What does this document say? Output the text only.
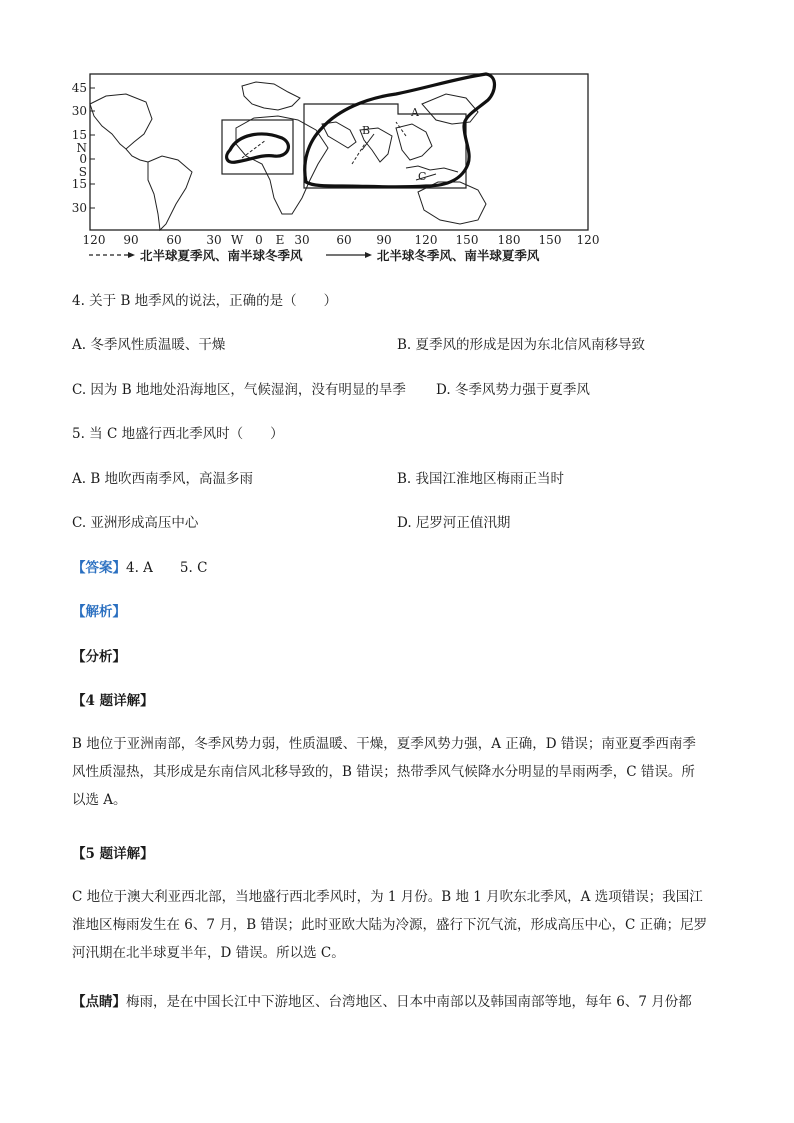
45
30
15
N
0
S
15
30
120 90 60 30 W 0 E 30 60 90 120 150 180 150 120
A
B
C
北半球夏季风、南半球冬季风
	北半球冬季风、南半球夏季风
4. 关于 B 地季风的说法，正确的是（　　）
A. 冬季风性质温暖、干燥	B. 夏季风的形成是因为东北信风南移导致
C. 因为 B 地地处沿海地区，气候湿润，没有明显的旱季 D. 冬季风势力强于夏季风
5. 当 C 地盛行西北季风时（　　）
A. B 地吹西南季风，高温多雨	B. 我国江淮地区梅雨正当时
C. 亚洲形成高压中心	D. 尼罗河正值汛期
【答案】4. A　　5. C
【解析】
【分析】
【4 题详解】
B 地位于亚洲南部，冬季风势力弱，性质温暖、干燥，夏季风势力强，A 正确，D 错误；南亚夏季西南季
风性质湿热，其形成是东南信风北移导致的，B 错误；热带季风气候降水分明显的旱雨两季，C 错误。所
以选 A。
【5 题详解】
C 地位于澳大利亚西北部，当地盛行西北季风时，为 1 月份。B 地 1 月吹东北季风，A 选项错误；我国江
淮地区梅雨发生在 6、7 月，B 错误；此时亚欧大陆为冷源，盛行下沉气流，形成高压中心，C 正确；尼罗
河汛期在北半球夏半年，D 错误。所以选 C。
【点睛】梅雨，是在中国长江中下游地区、台湾地区、日本中南部以及韩国南部等地，每年 6、7 月份都
